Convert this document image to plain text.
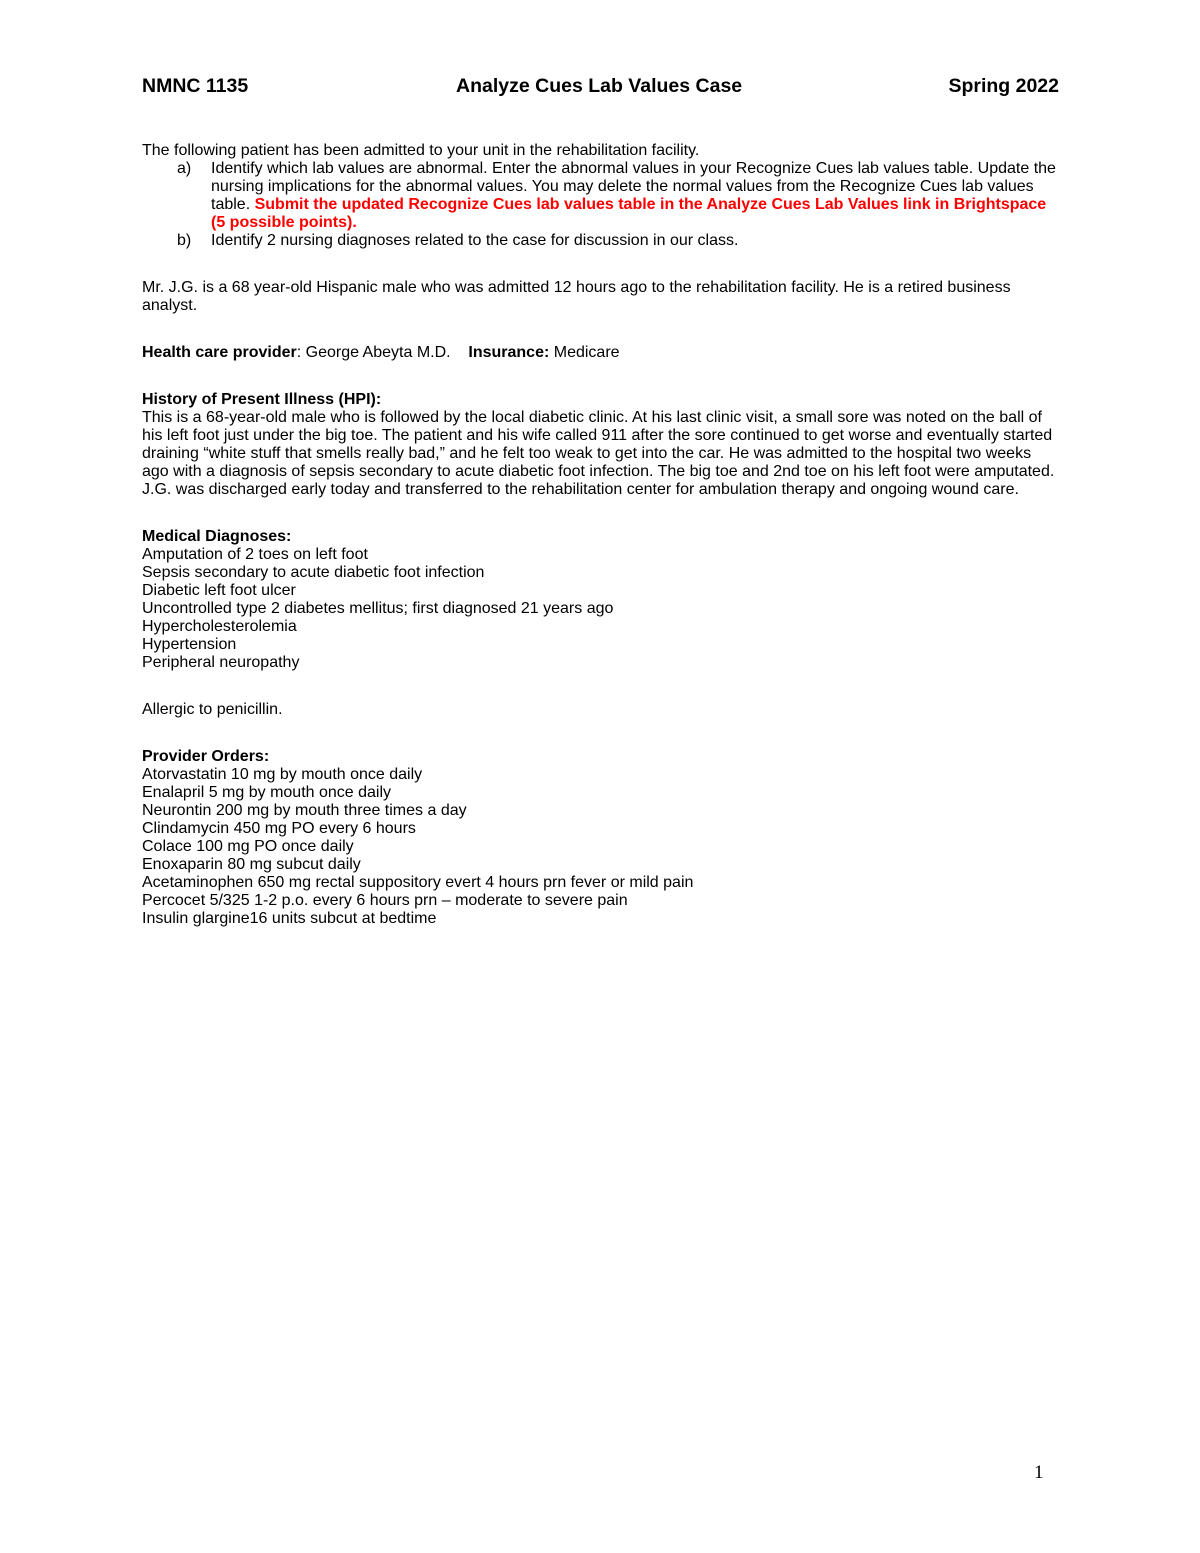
NMNC 1135	Analyze Cues Lab Values Case	Spring 2022

The following patient has been admitted to your unit in the rehabilitation facility.

a) Identify which lab values are abnormal. Enter the abnormal values in your Recognize Cues lab values table. Update the nursing implications for the abnormal values. You may delete the normal values from the Recognize Cues lab values table. Submit the updated Recognize Cues lab values table in the Analyze Cues Lab Values link in Brightspace (5 possible points).
b) Identify 2 nursing diagnoses related to the case for discussion in our class.

Mr. J.G. is a 68 year-old Hispanic male who was admitted 12 hours ago to the rehabilitation facility. He is a retired business analyst.

Health care provider: George Abeyta M.D. Insurance: Medicare

History of Present Illness (HPI):

This is a 68-year-old male who is followed by the local diabetic clinic. At his last clinic visit, a small sore was noted on the ball of his left foot just under the big toe. The patient and his wife called 911 after the sore continued to get worse and eventually started draining “white stuff that smells really bad,” and he felt too weak to get into the car. He was admitted to the hospital two weeks ago with a diagnosis of sepsis secondary to acute diabetic foot infection. The big toe and 2nd toe on his left foot were amputated. J.G. was discharged early today and transferred to the rehabilitation center for ambulation therapy and ongoing wound care.

Medical Diagnoses:

Amputation of 2 toes on left foot

Sepsis secondary to acute diabetic foot infection

Diabetic left foot ulcer

Uncontrolled type 2 diabetes mellitus; first diagnosed 21 years ago

Hypercholesterolemia

Hypertension

Peripheral neuropathy

Allergic to penicillin.

Provider Orders:

Atorvastatin 10 mg by mouth once daily

Enalapril 5 mg by mouth once daily

Neurontin 200 mg by mouth three times a day

Clindamycin 450 mg PO every 6 hours

Colace 100 mg PO once daily

Enoxaparin 80 mg subcut daily

Acetaminophen 650 mg rectal suppository evert 4 hours prn fever or mild pain

Percocet 5/325 1-2 p.o. every 6 hours prn – moderate to severe pain

Insulin glargine16 units subcut at bedtime

1
